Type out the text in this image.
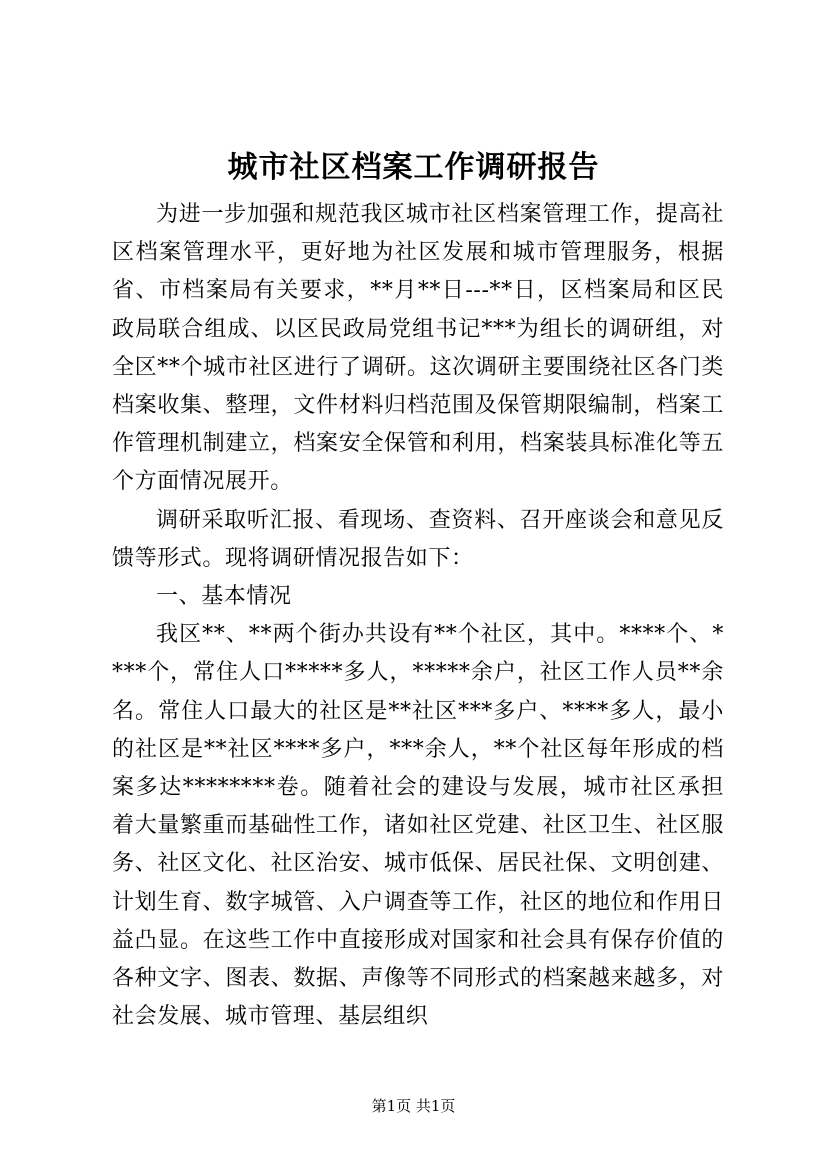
城市社区档案工作调研报告

为进一步加强和规范我区城市社区档案管理工作，提高社区档案管理水平，更好地为社区发展和城市管理服务，根据省、市档案局有关要求，**月**日---**日，区档案局和区民政局联合组成、以区民政局党组书记***为组长的调研组，对全区**个城市社区进行了调研。这次调研主要围绕社区各门类档案收集、整理，文件材料归档范围及保管期限编制，档案工作管理机制建立，档案安全保管和利用，档案装具标准化等五个方面情况展开。

调研采取听汇报、看现场、查资料、召开座谈会和意见反馈等形式。现将调研情况报告如下：

一、基本情况

我区**、**两个街办共设有**个社区，其中。****个、****个，常住人口*****多人，*****余户，社区工作人员**余名。常住人口最大的社区是**社区***多户、****多人，最小的社区是**社区****多户，***余人，**个社区每年形成的档案多达********卷。随着社会的建设与发展，城市社区承担着大量繁重而基础性工作，诸如社区党建、社区卫生、社区服务、社区文化、社区治安、城市低保、居民社保、文明创建、计划生育、数字城管、入户调查等工作，社区的地位和作用日益凸显。在这些工作中直接形成对国家和社会具有保存价值的各种文字、图表、数据、声像等不同形式的档案越来越多，对社会发展、城市管理、基层组织

第1页 共1页
